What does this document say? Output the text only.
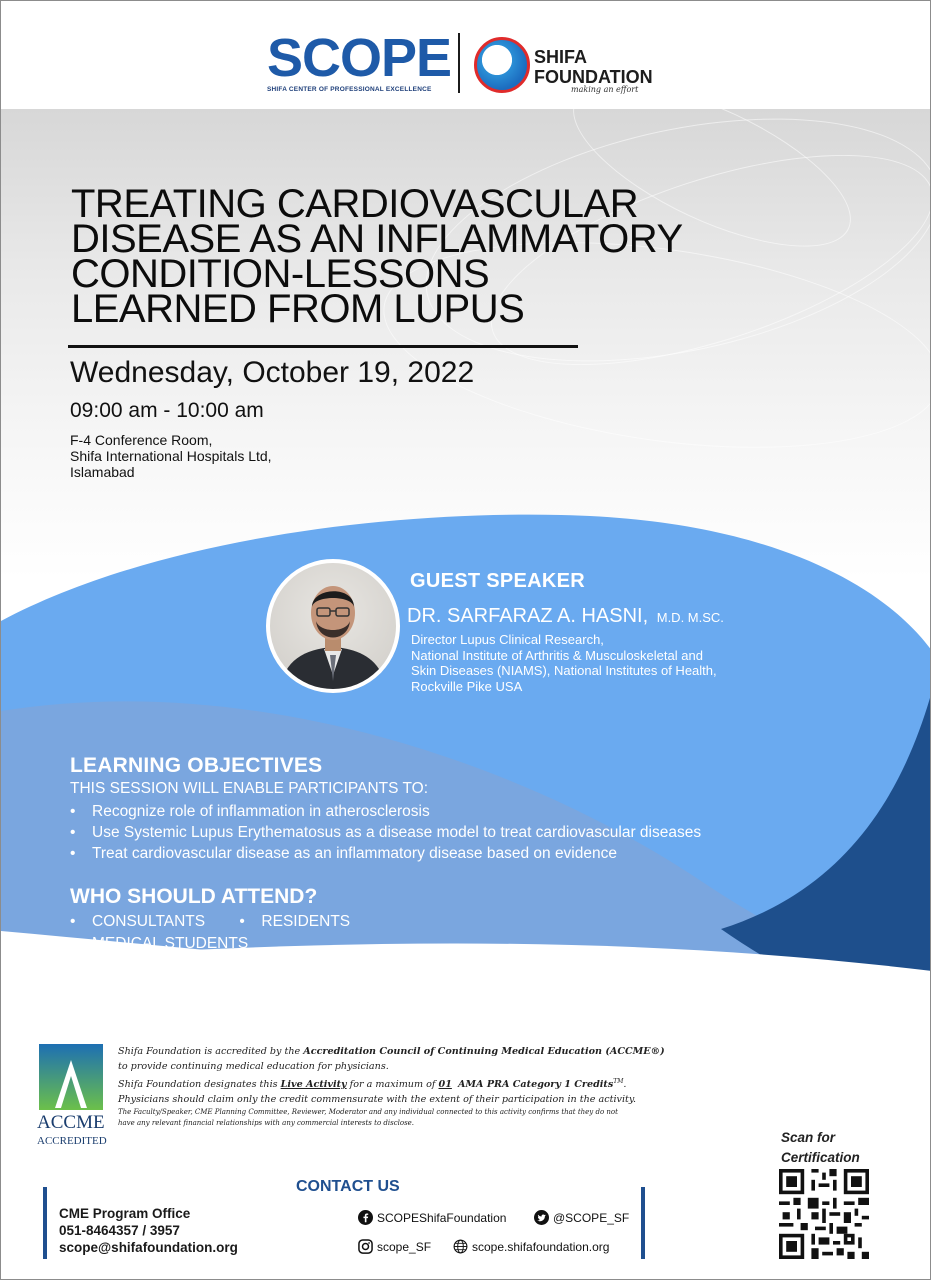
SCOPE
SHIFA CENTER OF PROFESSIONAL EXCELLENCE
SHIFA
FOUNDATION
making an effort
TREATING CARDIOVASCULAR
DISEASE AS AN INFLAMMATORY
CONDITION-LESSONS
LEARNED FROM LUPUS
Wednesday, October 19, 2022
09:00 am - 10:00 am
F-4 Conference Room,
Shifa International Hospitals Ltd,
Islamabad
GUEST SPEAKER
DR. SARFARAZ A. HASNI, M.D. M.SC.
Director Lupus Clinical Research,
National Institute of Arthritis & Musculoskeletal and
Skin Diseases (NIAMS), National Institutes of Health,
Rockville Pike USA
LEARNING OBJECTIVES
THIS SESSION WILL ENABLE PARTICIPANTS TO:
• Recognize role of inflammation in atherosclerosis
• Use Systemic Lupus Erythematosus as a disease model to treat cardiovascular diseases
• Treat cardiovascular disease as an inflammatory disease based on evidence
WHO SHOULD ATTEND?
• CONSULTANTS • RESIDENTS
• MEDICAL STUDENTS
ACCME
ACCREDITED
Shifa Foundation is accredited by the Accreditation Council of Continuing Medical Education (ACCME®)
to provide continuing medical education for physicians.
Shifa Foundation designates this Live Activity for a maximum of 01 AMA PRA Category 1 Credits™.
Physicians should claim only the credit commensurate with the extent of their participation in the activity.
The Faculty/Speaker, CME Planning Committee, Reviewer, Moderator and any individual connected to this activity confirms that they do not
have any relevant financial relationships with any commercial interests to disclose.
Scan for
Certification
CME Program Office
051-8464357 / 3957
scope@shifafoundation.org
CONTACT US
SCOPEShifaFoundation	@SCOPE_SF
scope_SF	scope.shifafoundation.org
